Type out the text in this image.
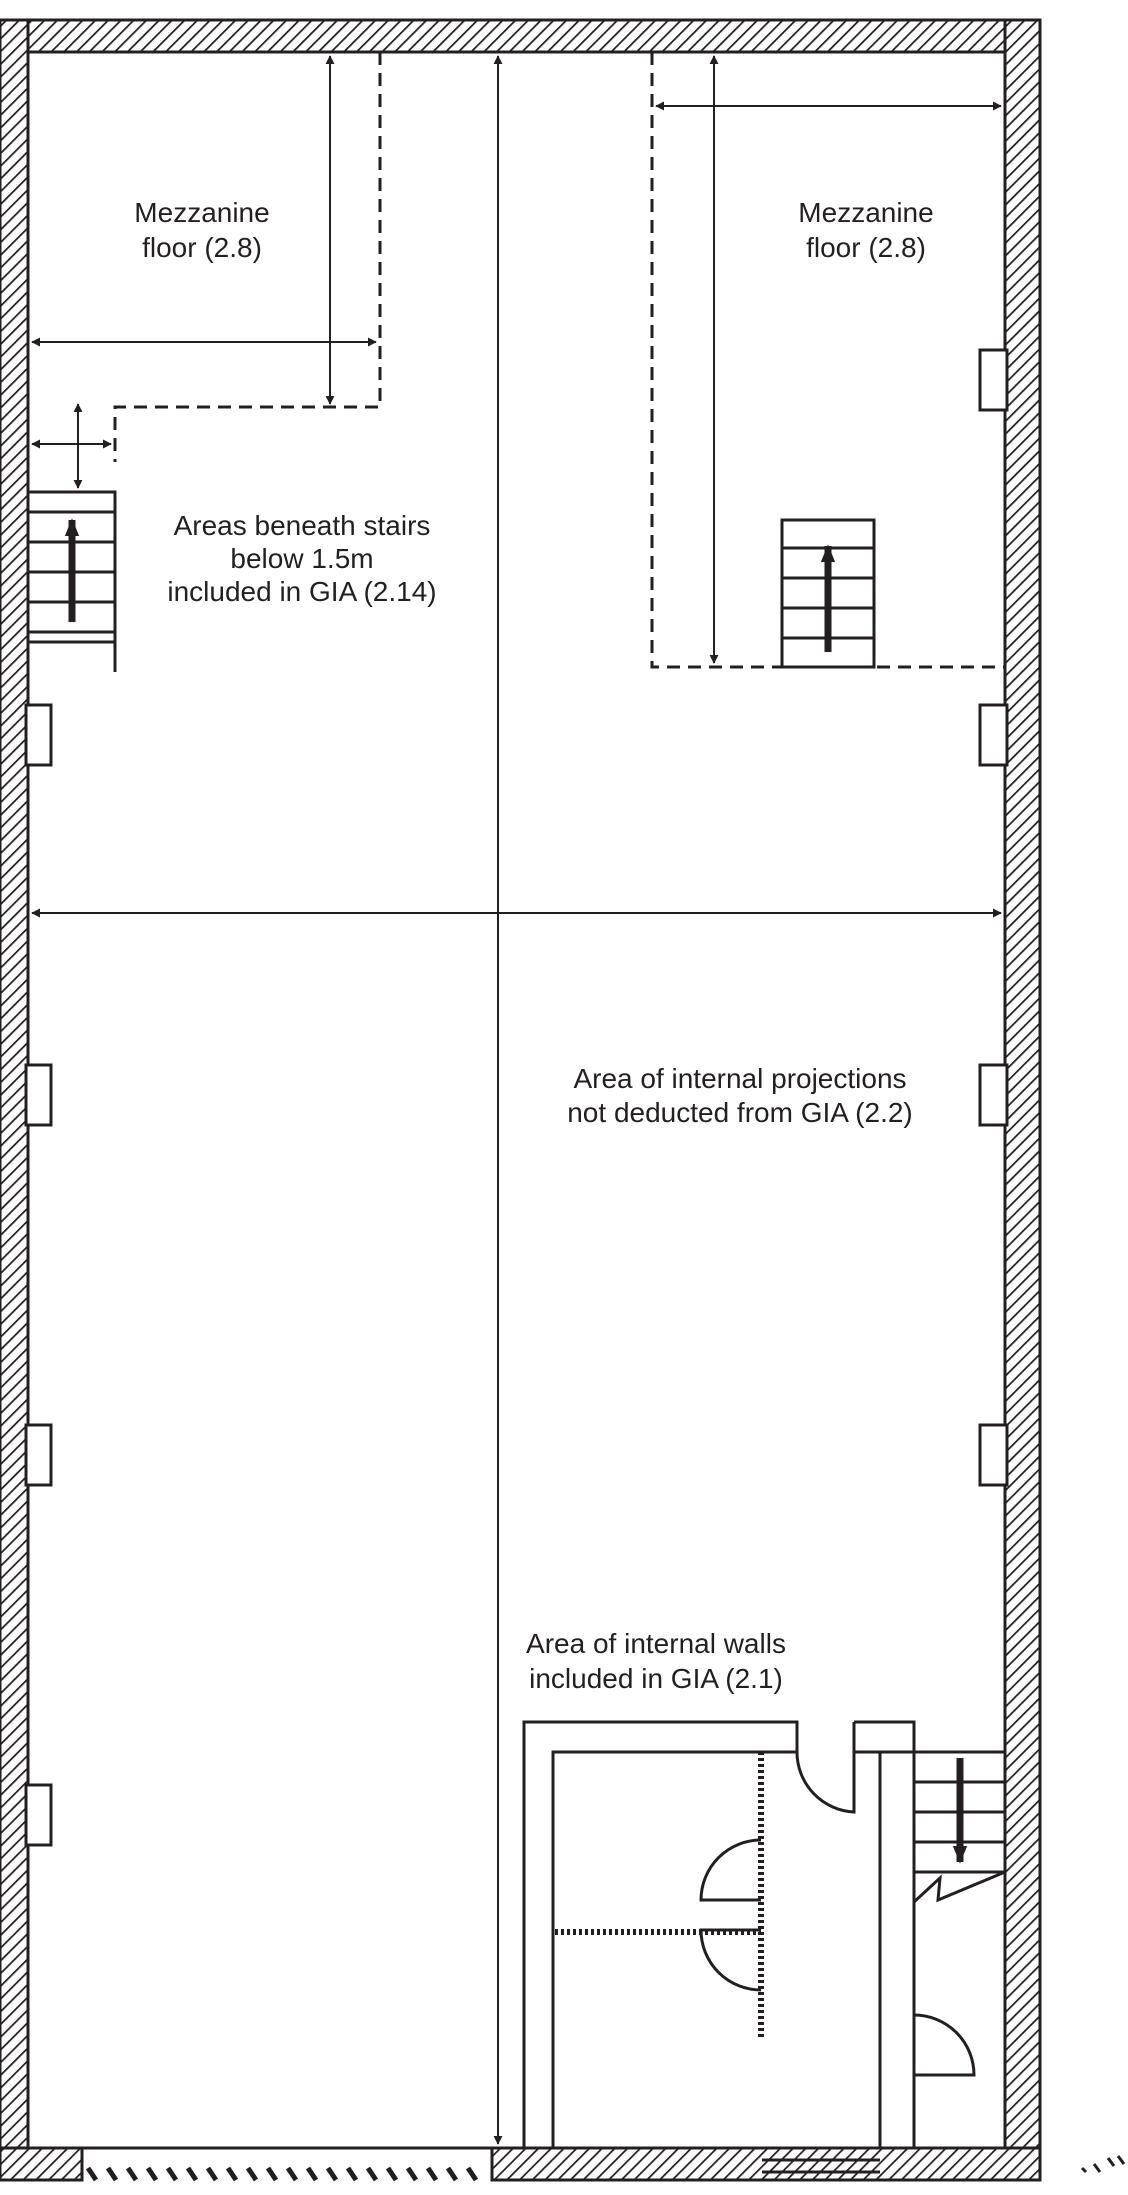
Mezzanine
floor (2.8)
Mezzanine
floor (2.8)
Areas beneath stairs
below 1.5m
included in GIA (2.14)
Area of internal projections
not deducted from GIA (2.2)
Area of internal walls
included in GIA (2.1)
